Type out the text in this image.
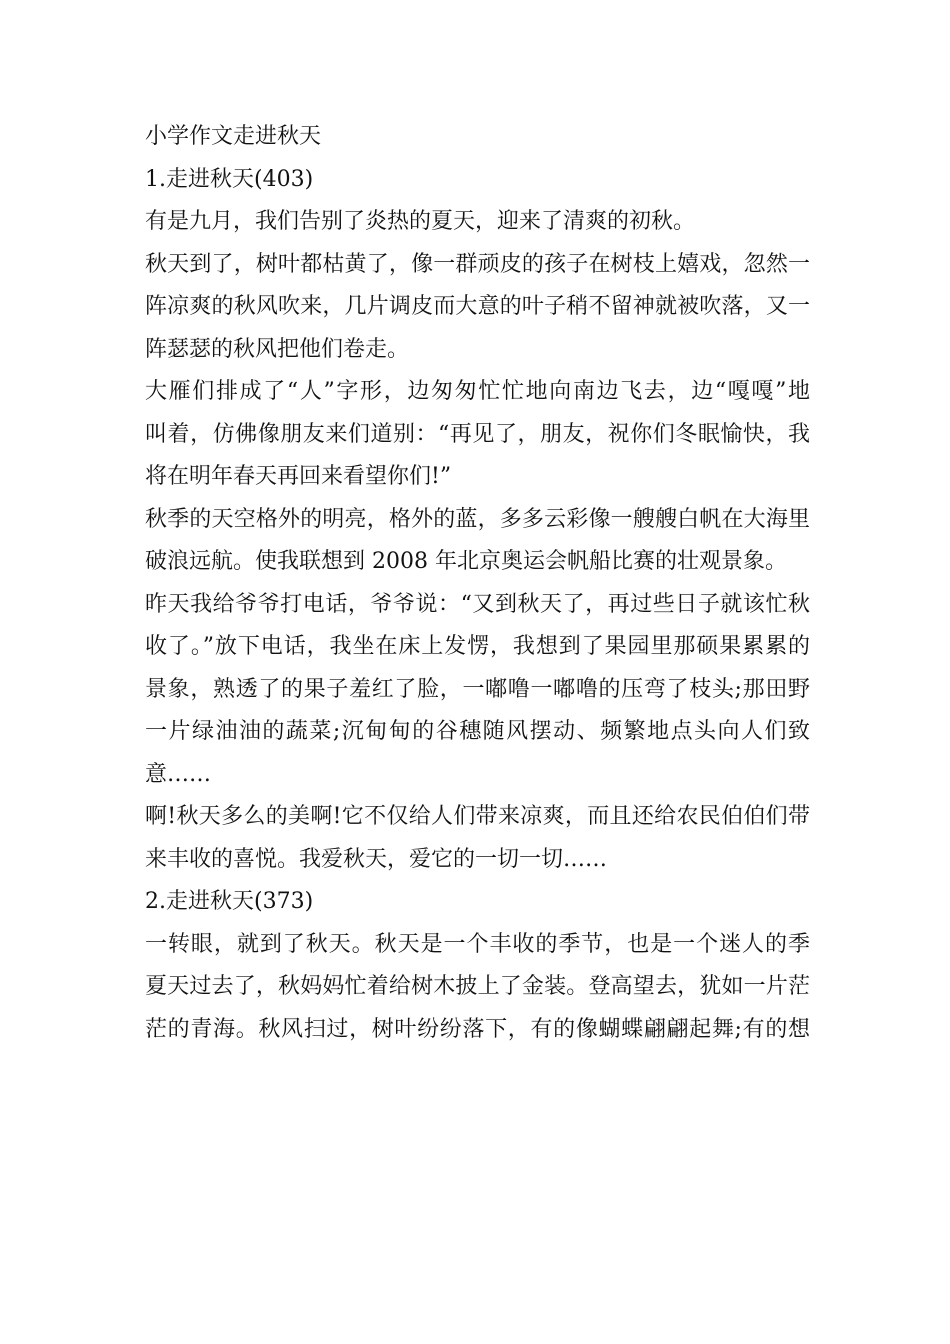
小学作文走进秋天
1.走进秋天(403)
有是九月，我们告别了炎热的夏天，迎来了清爽的初秋。
秋天到了，树叶都枯黄了，像一群顽皮的孩子在树枝上嬉戏，忽然一
阵凉爽的秋风吹来，几片调皮而大意的叶子稍不留神就被吹落，又一
阵瑟瑟的秋风把他们卷走。
大雁们排成了“人”字形，边匆匆忙忙地向南边飞去，边“嘎嘎”地
叫着，仿佛像朋友来们道别：“再见了，朋友，祝你们冬眠愉快，我
将在明年春天再回来看望你们!”
秋季的天空格外的明亮，格外的蓝，多多云彩像一艘艘白帆在大海里
破浪远航。使我联想到 2008 年北京奥运会帆船比赛的壮观景象。
昨天我给爷爷打电话，爷爷说：“又到秋天了，再过些日子就该忙秋
收了。”放下电话，我坐在床上发愣，我想到了果园里那硕果累累的
景象，熟透了的果子羞红了脸，一嘟噜一嘟噜的压弯了枝头;那田野
一片绿油油的蔬菜;沉甸甸的谷穗随风摆动、频繁地点头向人们致
意……
啊!秋天多么的美啊!它不仅给人们带来凉爽，而且还给农民伯伯们带
来丰收的喜悦。我爱秋天，爱它的一切一切……
2.走进秋天(373)
一转眼，就到了秋天。秋天是一个丰收的季节，也是一个迷人的季
夏天过去了，秋妈妈忙着给树木披上了金装。登高望去，犹如一片茫
茫的青海。秋风扫过，树叶纷纷落下，有的像蝴蝶翩翩起舞;有的想
